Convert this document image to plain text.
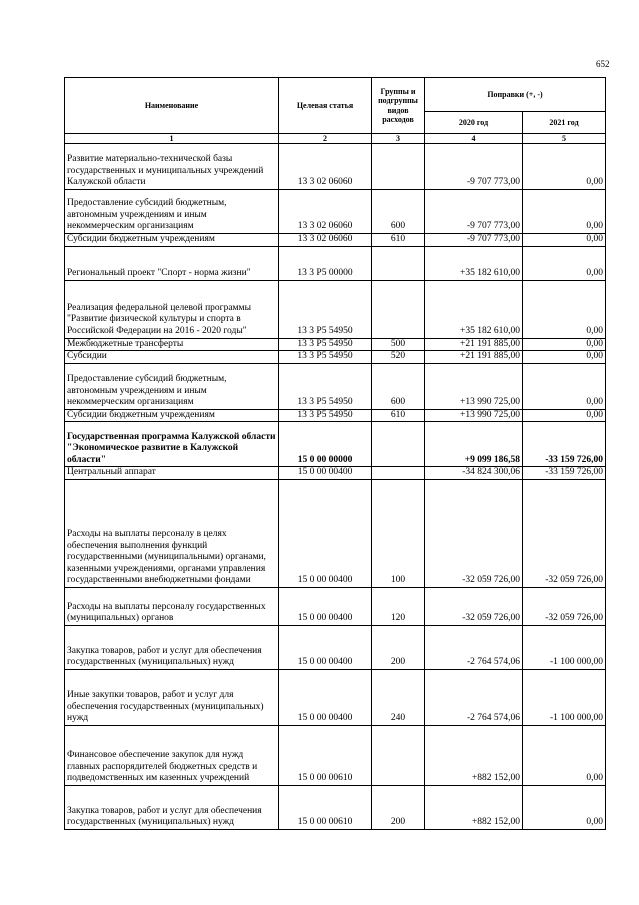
652
Наименование	Целевая статья	Группы и подгруппы видов расходов	Поправки (+, -)	
			2020 год	2021 год
1	2	3	4	5
Развитие материально-технической базы государственных и муниципальных учреждений Калужской области	13 3 02 06060		-9 707 773,00	0,00
Предоставление субсидий бюджетным, автономным учреждениям и иным некоммерческим организациям	13 3 02 06060	600	-9 707 773,00	0,00
Субсидии бюджетным учреждениям	13 3 02 06060	610	-9 707 773,00	0,00
Региональный проект "Спорт - норма жизни"	13 3 P5 00000		+35 182 610,00	0,00
Реализация федеральной целевой программы "Развитие физической культуры и спорта в Российской Федерации на 2016 - 2020 годы"	13 3 P5 54950		+35 182 610,00	0,00
Межбюджетные трансферты	13 3 P5 54950	500	+21 191 885,00	0,00
Субсидии	13 3 P5 54950	520	+21 191 885,00	0,00
Предоставление субсидий бюджетным, автономным учреждениям и иным некоммерческим организациям	13 3 P5 54950	600	+13 990 725,00	0,00
Субсидии бюджетным учреждениям	13 3 P5 54950	610	+13 990 725,00	0,00
Государственная программа Калужской области "Экономическое развитие в Калужской области"	15 0 00 00000		+9 099 186,58	-33 159 726,00
Центральный аппарат	15 0 00 00400		-34 824 300,06	-33 159 726,00
Расходы на выплаты персоналу в целях обеспечения выполнения функций государственными (муниципальными) органами, казенными учреждениями, органами управления государственными внебюджетными фондами	15 0 00 00400	100	-32 059 726,00	-32 059 726,00
Расходы на выплаты персоналу государственных (муниципальных) органов	15 0 00 00400	120	-32 059 726,00	-32 059 726,00
Закупка товаров, работ и услуг для обеспечения государственных (муниципальных) нужд	15 0 00 00400	200	-2 764 574,06	-1 100 000,00
Иные закупки товаров, работ и услуг для обеспечения государственных (муниципальных) нужд	15 0 00 00400	240	-2 764 574,06	-1 100 000,00
Финансовое обеспечение закупок для нужд главных распорядителей бюджетных средств и подведомственных им казенных учреждений	15 0 00 00610		+882 152,00	0,00
Закупка товаров, работ и услуг для обеспечения государственных (муниципальных) нужд	15 0 00 00610	200	+882 152,00	0,00
